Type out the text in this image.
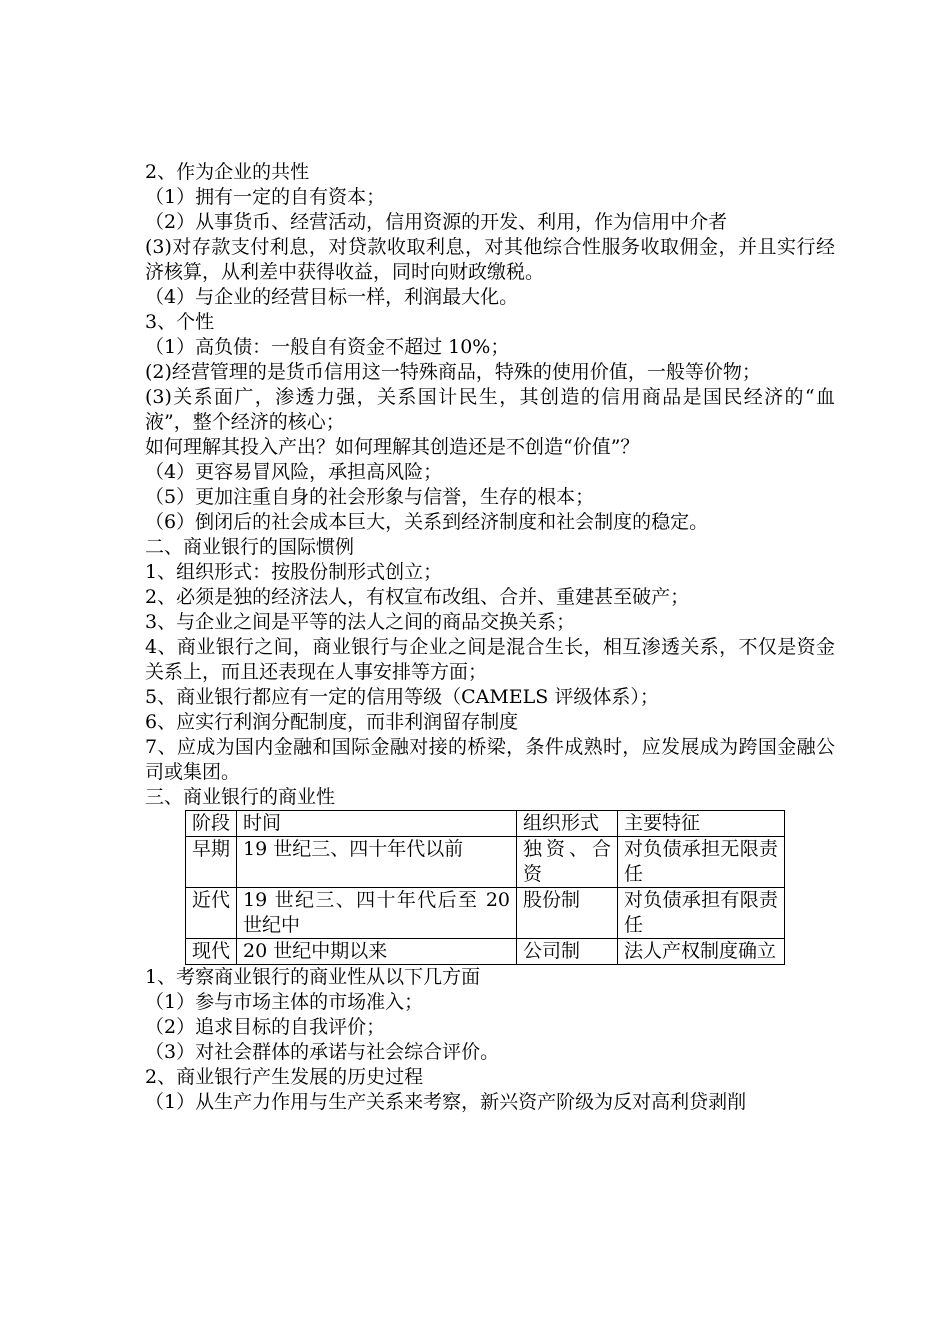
2、作为企业的共性
（1）拥有一定的自有资本；
（2）从事货币、经营活动，信用资源的开发、利用，作为信用中介者
(3)对存款支付利息，对贷款收取利息，对其他综合性服务收取佣金，并且实行经济核算，从利差中获得收益，同时向财政缴税。
（4）与企业的经营目标一样，利润最大化。
3、个性
（1）高负债：一般自有资金不超过 10%；
(2)经营管理的是货币信用这一特殊商品，特殊的使用价值，一般等价物；
(3)关系面广，渗透力强，关系国计民生，其创造的信用商品是国民经济的“血液”，整个经济的核心；
如何理解其投入产出？如何理解其创造还是不创造“价值”？
（4）更容易冒风险，承担高风险；
（5）更加注重自身的社会形象与信誉，生存的根本；
（6）倒闭后的社会成本巨大，关系到经济制度和社会制度的稳定。
二、商业银行的国际惯例
1、组织形式：按股份制形式创立；
2、必须是独的经济法人，有权宣布改组、合并、重建甚至破产；
3、与企业之间是平等的法人之间的商品交换关系；
4、商业银行之间，商业银行与企业之间是混合生长，相互渗透关系，不仅是资金关系上，而且还表现在人事安排等方面；
5、商业银行都应有一定的信用等级（CAMELS 评级体系）；
6、应实行利润分配制度，而非利润留存制度
7、应成为国内金融和国际金融对接的桥梁，条件成熟时，应发展成为跨国金融公司或集团。
三、商业银行的商业性
阶段	时间	组织形式	主要特征
早期	19 世纪三、四十年代以前	独资、合资	对负债承担无限责任
近代	19 世纪三、四十年代后至 20 世纪中	股份制	对负债承担有限责任
现代	20 世纪中期以来	公司制	法人产权制度确立
1、考察商业银行的商业性从以下几方面
（1）参与市场主体的市场准入；
（2）追求目标的自我评价；
（3）对社会群体的承诺与社会综合评价。
2、商业银行产生发展的历史过程
（1）从生产力作用与生产关系来考察，新兴资产阶级为反对高利贷剥削
